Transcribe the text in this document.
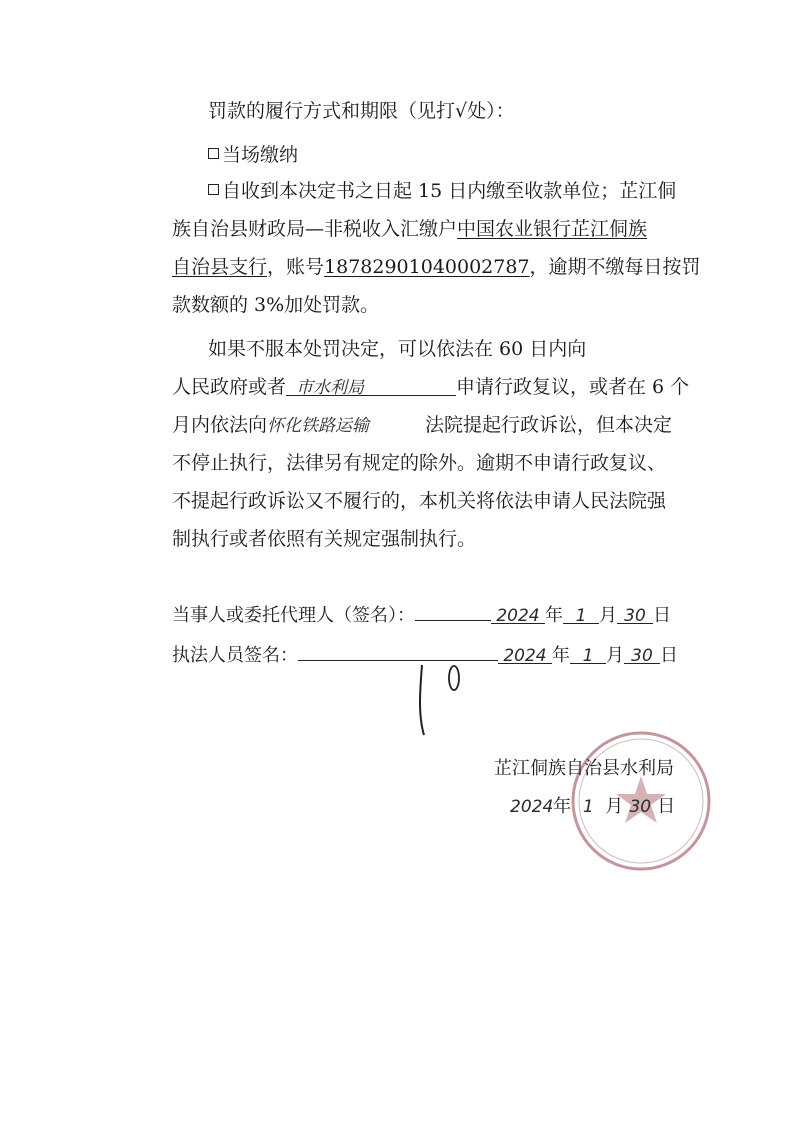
罚款的履行方式和期限（见打√处）：
当场缴纳
自收到本决定书之日起 15 日内缴至收款单位；芷江侗
族自治县财政局—非税收入汇缴户中国农业银行芷江侗族
自治县支行，账号18782901040002787，逾期不缴每日按罚
款数额的 3%加处罚款。
如果不服本处罚决定，可以依法在 60 日内向
人民政府或者 市水利局	申请行政复议，或者在 6 个
月内依法向怀化铁路运输	法院提起行政诉讼，但本决定
不停止执行，法律另有规定的除外。逾期不申请行政复议、
不提起行政诉讼又不履行的，本机关将依法申请人民法院强
制执行或者依照有关规定强制执行。
当事人或委托代理人（签名）：	2024 年 1 月 30 日
执法人员签名：	2024 年 1 月 30 日
芷江侗族自治县水利局
2024年 1 月 30 日
